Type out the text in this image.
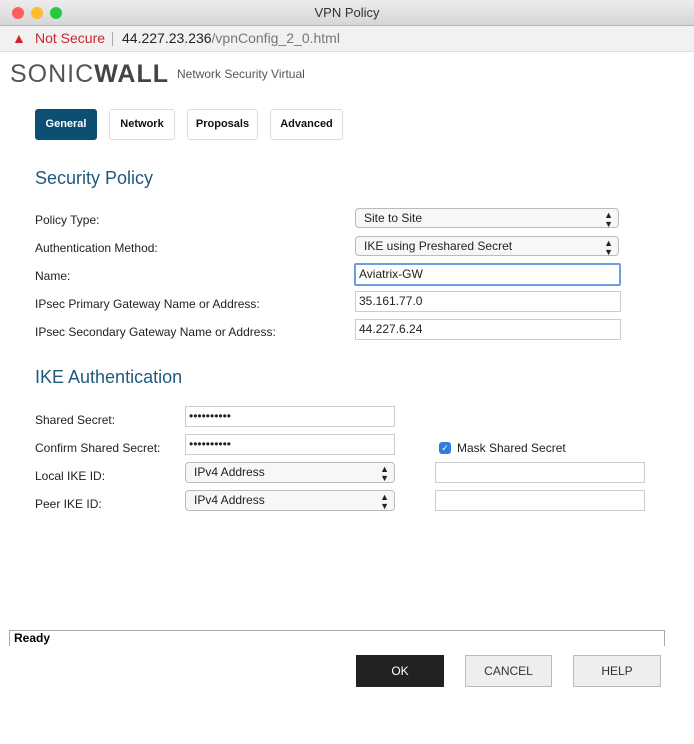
VPN Policy
▲ Not Secure 44.227.23.236/vpnConfig_2_0.html
SONICWALL Network Security Virtual
General	Network	Proposals	Advanced
Security Policy
Policy Type:	Site to Site	▲
▼
Authentication Method:	IKE using Preshared Secret	▲
▼
Name:	Aviatrix-GW
IPsec Primary Gateway Name or Address:	35.161.77.0
IPsec Secondary Gateway Name or Address:	44.227.6.24
IKE Authentication
Shared Secret:	••••••••••
Confirm Shared Secret:	••••••••••	✓ Mask Shared Secret
Local IKE ID:	IPv4 Address	▲
▼
Peer IKE ID:	IPv4 Address	▲
▼
Ready
OK	CANCEL	HELP
